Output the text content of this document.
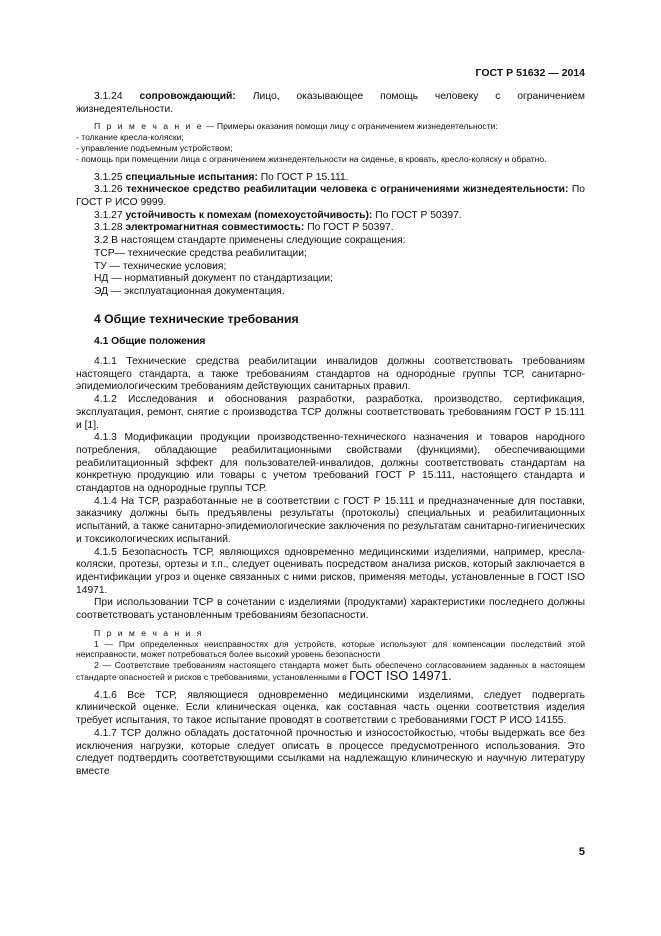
ГОСТ Р 51632 — 2014

3.1.24 сопровождающий: Лицо, оказывающее помощь человеку с ограничением жизнедеятельности.

П р и м е ч а н и е — Примеры оказания помощи лицу с ограничением жизнедеятельности:

- толкание кресла-коляски;

- управление подъемным устройством;

- помощь при помещении лица с ограничением жизнедеятельности на сиденье, в кровать, кресло-коляску и обратно.

3.1.25 специальные испытания: По ГОСТ Р 15.111.

3.1.26 техническое средство реабилитации человека с ограничениями жизнедеятельности: По ГОСТ Р ИСО 9999.

3.1.27 устойчивость к помехам (помехоустойчивость): По ГОСТ Р 50397.

3.1.28 электромагнитная совместимость: По ГОСТ Р 50397.

3.2 В настоящем стандарте применены следующие сокращения:

ТСР— технические средства реабилитации;

ТУ — технические условия;

НД — нормативный документ по стандартизации;

ЭД — эксплуатационная документация.

4 Общие технические требования
4.1 Общие положения

4.1.1 Технические средства реабилитации инвалидов должны соответствовать требованиям настоящего стандарта, а также требованиям стандартов на однородные группы ТСР, санитарно-эпидемиологическим требованиям действующих санитарных правил.

4.1.2 Исследования и обоснования разработки, разработка, производство, сертификация, эксплуатация, ремонт, снятие с производства ТСР должны соответствовать требованиям ГОСТ Р 15.111 и [1].

4.1.3 Модификации продукции производственно-технического назначения и товаров народного потребления, обладающие реабилитационными свойствами (функциями), обеспечивающими реабилитационный эффект для пользователей-инвалидов, должны соответствовать стандартам на конкретную продукцию или товары с учетом требований ГОСТ Р 15.111, настоящего стандарта и стандартов на однородные группы ТСР.

4.1.4 На ТСР, разработанные не в соответствии с ГОСТ Р 15.111 и предназначенные для поставки, заказчику должны быть предъявлены результаты (протоколы) специальных и реабилитационных испытаний, а также санитарно-эпидемиологические заключения по результатам санитарно-гигиенических и токсикологических испытаний.

4.1.5 Безопасность ТСР, являющихся одновременно медицинскими изделиями, например, кресла-коляски, протезы, ортезы и т.п., следует оценивать посредством анализа рисков, который заключается в идентификации угроз и оценке связанных с ними рисков, применяя методы, установленные в ГОСТ ISO 14971.

При использовании ТСР в сочетании с изделиями (продуктами) характеристики последнего должны соответствовать установленным требованиям безопасности.

П р и м е ч а н и я

1 — При определенных неисправностях для устройств, которые используют для компенсации последствий этой неисправности, может потребоваться более высокий уровень безопасности

2 — Соответствие требованиям настоящего стандарта может быть обеспечено согласованием заданных в настоящем стандарте опасностей и рисков с требованиями, установленными в ГОСТ ISO 14971.

4.1.6 Все ТСР, являющиеся одновременно медицинскими изделиями, следует подвергать клинической оценке. Если клиническая оценка, как составная часть оценки соответствия изделия требует испытания, то такое испытание проводят в соответствии с требованиями ГОСТ Р ИСО 14155.

4.1.7 ТСР должно обладать достаточной прочностью и износостойкостью, чтобы выдержать все без исключения нагрузки, которые следует описать в процессе предусмотренного использования. Это следует подтвердить соответствующими ссылками на надлежащую клиническую и научную литературу вместе

5
